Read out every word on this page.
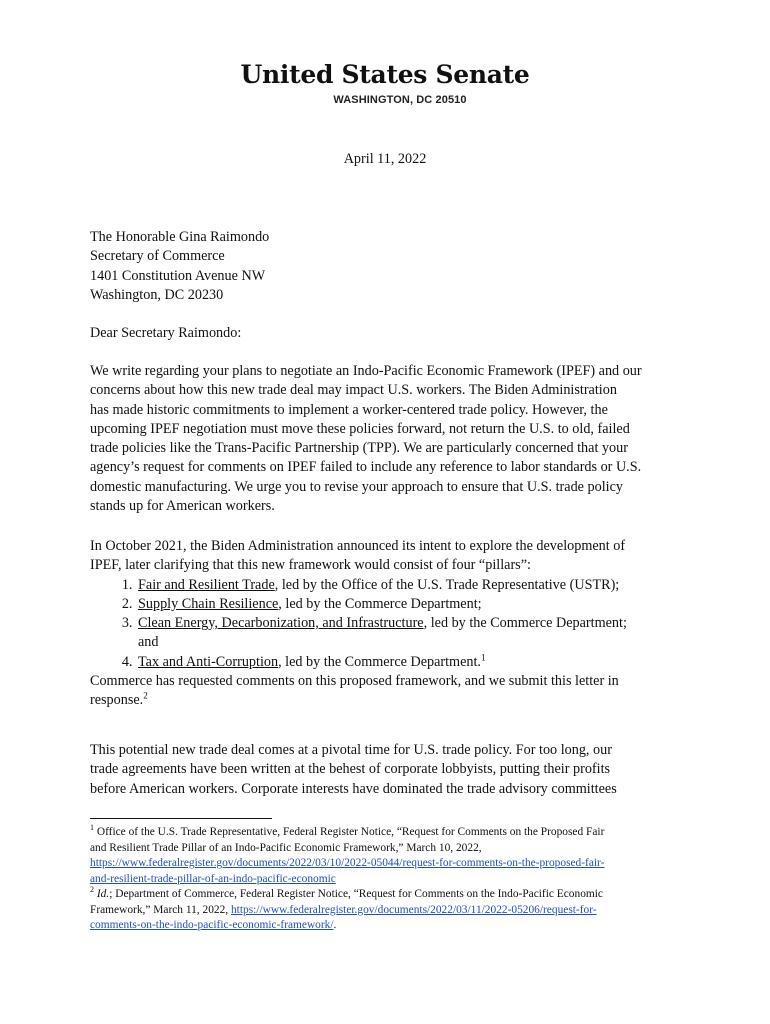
United States Senate
WASHINGTON, DC 20510
April 11, 2022
The Honorable Gina Raimondo
Secretary of Commerce
1401 Constitution Avenue NW
Washington, DC 20230
Dear Secretary Raimondo:
We write regarding your plans to negotiate an Indo-Pacific Economic Framework (IPEF) and our
concerns about how this new trade deal may impact U.S. workers. The Biden Administration
has made historic commitments to implement a worker-centered trade policy. However, the
upcoming IPEF negotiation must move these policies forward, not return the U.S. to old, failed
trade policies like the Trans-Pacific Partnership (TPP). We are particularly concerned that your
agency’s request for comments on IPEF failed to include any reference to labor standards or U.S.
domestic manufacturing. We urge you to revise your approach to ensure that U.S. trade policy
stands up for American workers.
In October 2021, the Biden Administration announced its intent to explore the development of
IPEF, later clarifying that this new framework would consist of four “pillars”:
1. Fair and Resilient Trade, led by the Office of the U.S. Trade Representative (USTR);
2. Supply Chain Resilience, led by the Commerce Department;
3. Clean Energy, Decarbonization, and Infrastructure, led by the Commerce Department;
and
4. Tax and Anti-Corruption, led by the Commerce Department.$^1$
Commerce has requested comments on this proposed framework, and we submit this letter in
response.$^2$
This potential new trade deal comes at a pivotal time for U.S. trade policy. For too long, our
trade agreements have been written at the behest of corporate lobbyists, putting their profits
before American workers. Corporate interests have dominated the trade advisory committees
$^1$ Office of the U.S. Trade Representative, Federal Register Notice, “Request for Comments on the Proposed Fair
and Resilient Trade Pillar of an Indo-Pacific Economic Framework,” March 10, 2022,
https://www.federalregister.gov/documents/2022/03/10/2022-05044/request-for-comments-on-the-proposed-fair-
and-resilient-trade-pillar-of-an-indo-pacific-economic
$^2$ Id.; Department of Commerce, Federal Register Notice, “Request for Comments on the Indo-Pacific Economic
Framework,” March 11, 2022, https://www.federalregister.gov/documents/2022/03/11/2022-05206/request-for-
comments-on-the-indo-pacific-economic-framework/.
